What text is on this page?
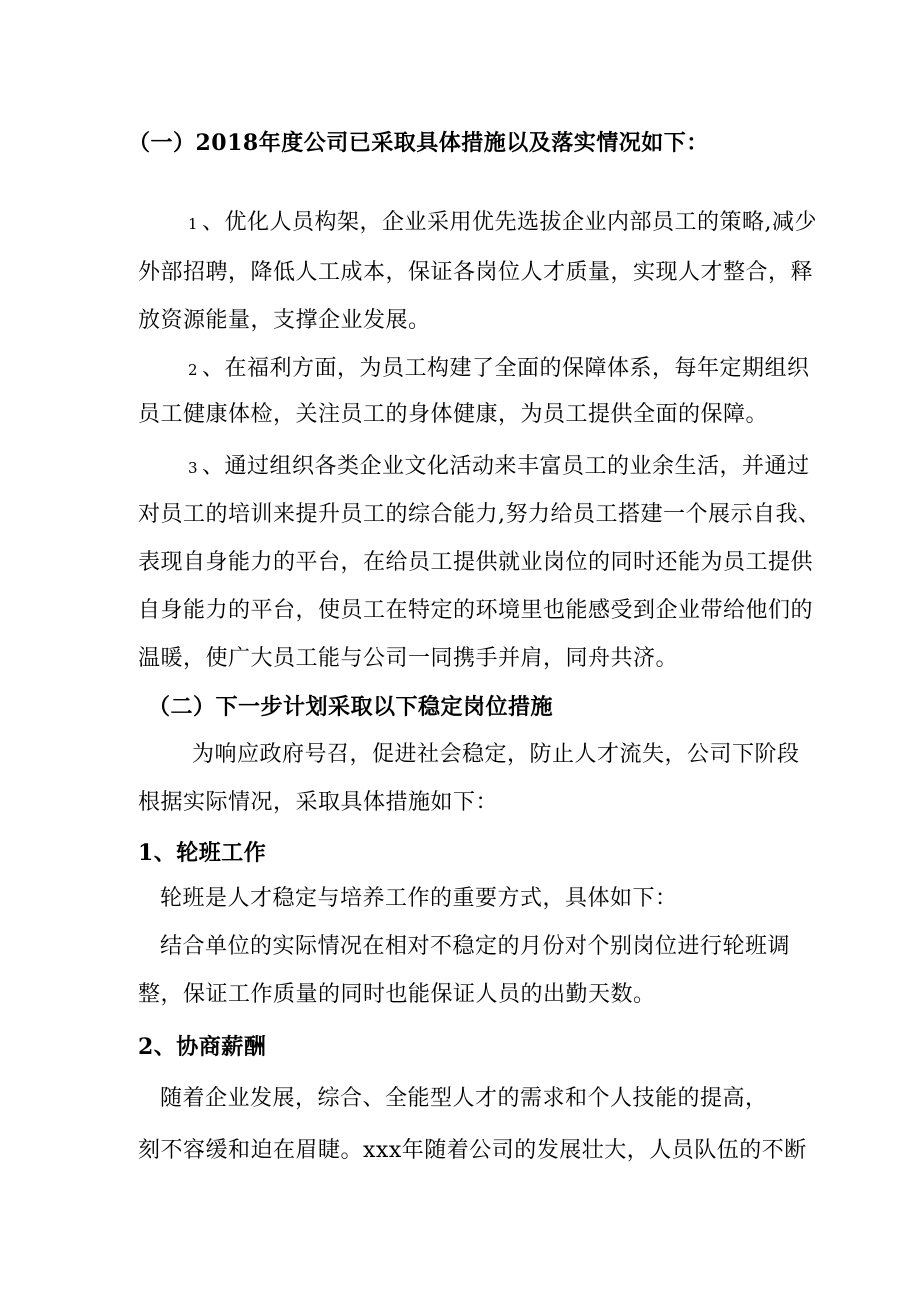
（一）2018年度公司已采取具体措施以及落实情况如下：
1 、优化人员构架，企业采用优先选拔企业内部员工的策略,减少
外部招聘，降低人工成本，保证各岗位人才质量，实现人才整合，释
放资源能量，支撑企业发展。
2 、在福利方面，为员工构建了全面的保障体系，每年定期组织
员工健康体检，关注员工的身体健康，为员工提供全面的保障。
3 、通过组织各类企业文化活动来丰富员工的业余生活，并通过
对员工的培训来提升员工的综合能力,努力给员工搭建一个展示自我、
表现自身能力的平台，在给员工提供就业岗位的同时还能为员工提供
自身能力的平台，使员工在特定的环境里也能感受到企业带给他们的
温暖，使广大员工能与公司一同携手并肩，同舟共济。
（二）下一步计划采取以下稳定岗位措施
为响应政府号召，促进社会稳定，防止人才流失，公司下阶段
根据实际情况，采取具体措施如下：
1、轮班工作
轮班是人才稳定与培养工作的重要方式，具体如下：
结合单位的实际情况在相对不稳定的月份对个别岗位进行轮班调
整，保证工作质量的同时也能保证人员的出勤天数。
2、协商薪酬
随着企业发展，综合、全能型人才的需求和个人技能的提高，
刻不容缓和迫在眉睫。xxx年随着公司的发展壮大，人员队伍的不断
